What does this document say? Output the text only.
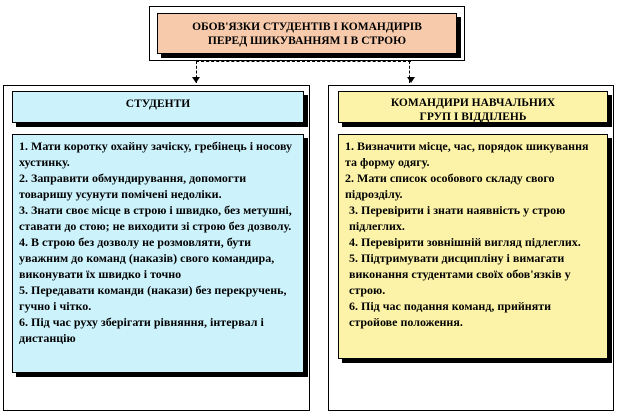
ОБОВ'ЯЗКИ СТУДЕНТІВ І КОМАНДИРІВ
ПЕРЕД ШИКУВАННЯМ І В СТРОЮ
СТУДЕНТИ

1. Мати коротку охайну зачіску, гребінець і носову хустинку.

2. Заправити обмундирування, допомогти товаришу усунути помічені недоліки.

3. Знати своє місце в строю і швидко, без метушні, ставати до стою; не виходити зі строю без дозволу.

4. В строю без дозволу не розмовляти, бути уважним до команд (наказів) свого командира, виконувати їх швидко і точно

5. Передавати команди (накази) без перекручень, гучно і чітко.

6. Під час руху зберігати рівняння, інтервал і дистанцію

КОМАНДИРИ НАВЧАЛЬНИХ
ГРУП І ВІДДІЛЕНЬ

1. Визначити місце, час, порядок шикування та форму одягу.

2. Мати список особового складу свого підрозділу.

3. Перевірити і знати наявність у строю підлеглих.

4. Перевірити зовнішній вигляд підлеглих.

5. Підтримувати дисципліну і вимагати виконання студентами своїх обов'язків у строю.

6. Під час подання команд, прийняти стройове положення.
